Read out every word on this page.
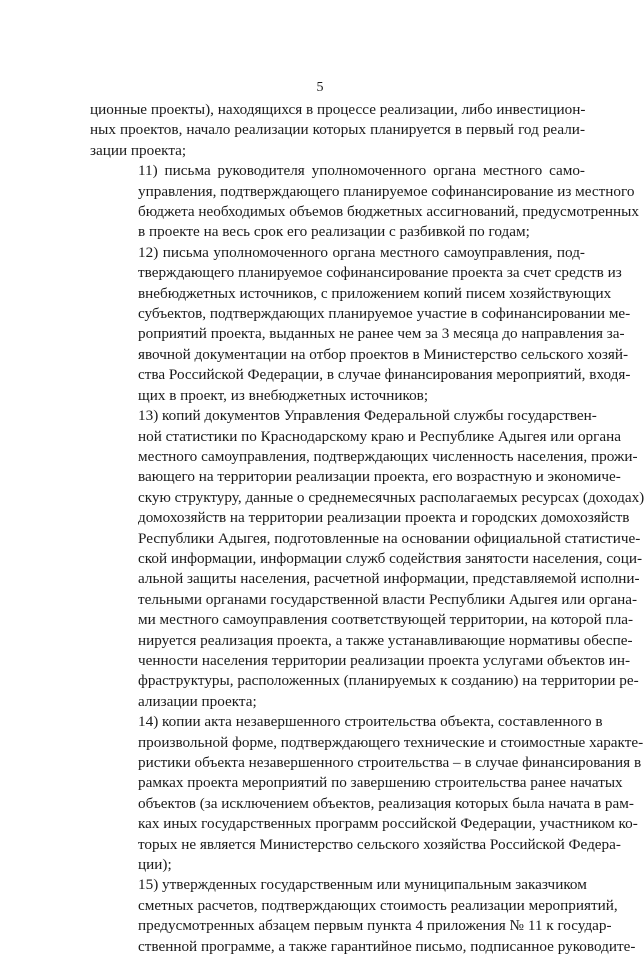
5

ционные проекты), находящихся в процессе реализации, либо инвестицион-
ных проектов, начало реализации которых планируется в первый год реали-
зации проекта;

11) письма руководителя уполномоченного органа местного само-
управления, подтверждающего планируемое софинансирование из местного
бюджета необходимых объемов бюджетных ассигнований, предусмотренных
в проекте на весь срок его реализации с разбивкой по годам;

12) письма уполномоченного органа местного самоуправления, под-
тверждающего планируемое софинансирование проекта за счет средств из
внебюджетных источников, с приложением копий писем хозяйствующих
субъектов, подтверждающих планируемое участие в софинансировании ме-
роприятий проекта, выданных не ранее чем за 3 месяца до направления за-
явочной документации на отбор проектов в Министерство сельского хозяй-
ства Российской Федерации, в случае финансирования мероприятий, входя-
щих в проект, из внебюджетных источников;

13) копий документов Управления Федеральной службы государствен-
ной статистики по Краснодарскому краю и Республике Адыгея или органа
местного самоуправления, подтверждающих численность населения, прожи-
вающего на территории реализации проекта, его возрастную и экономиче-
скую структуру, данные о среднемесячных располагаемых ресурсах (доходах)
домохозяйств на территории реализации проекта и городских домохозяйств
Республики Адыгея, подготовленные на основании официальной статистиче-
ской информации, информации служб содействия занятости населения, соци-
альной защиты населения, расчетной информации, представляемой исполни-
тельными органами государственной власти Республики Адыгея или органа-
ми местного самоуправления соответствующей территории, на которой пла-
нируется реализация проекта, а также устанавливающие нормативы обеспе-
ченности населения территории реализации проекта услугами объектов ин-
фраструктуры, расположенных (планируемых к созданию) на территории ре-
ализации проекта;

14) копии акта незавершенного строительства объекта, составленного в
произвольной форме, подтверждающего технические и стоимостные характе-
ристики объекта незавершенного строительства – в случае финансирования в
рамках проекта мероприятий по завершению строительства ранее начатых
объектов (за исключением объектов, реализация которых была начата в рам-
ках иных государственных программ российской Федерации, участником ко-
торых не является Министерство сельского хозяйства Российской Федера-
ции);

15) утвержденных государственным или муниципальным заказчиком
сметных расчетов, подтверждающих стоимость реализации мероприятий,
предусмотренных абзацем первым пункта 4 приложения № 11 к государ-
ственной программе, а также гарантийное письмо, подписанное руководите-
